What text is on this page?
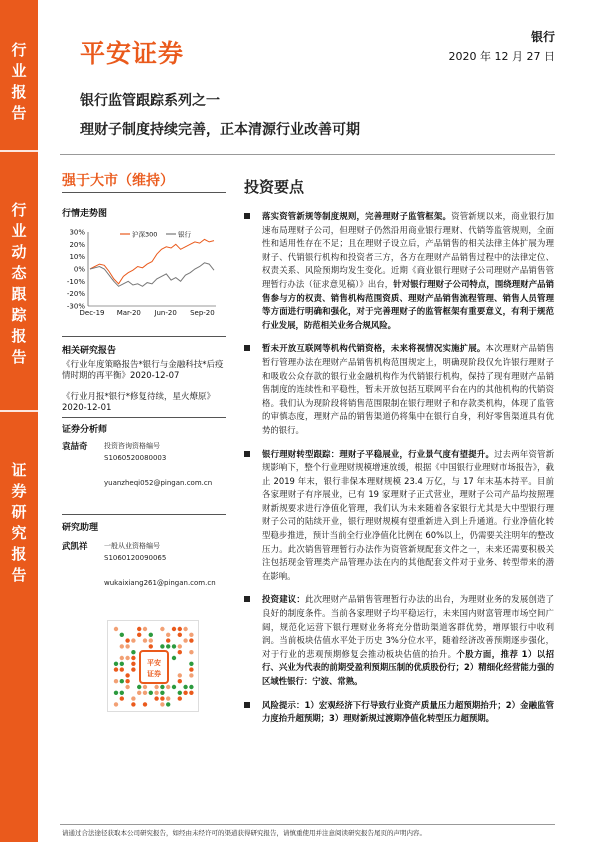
行
业
报
告
行
业
动
态
跟
踪
报
告
证
券
研
究
报
告
平安证券
银行
2020 年 12 月 27 日
银行监管跟踪系列之一
理财子制度持续完善，正本清源行业改善可期
强于大市（维持）
行情走势图
30%
20%
10%
0%
-10%
-20%
-30%
Dec-19 Mar-20 Jun-20 Sep-20
沪深300	银行
相关研究报告
《行业年度策略报告*银行与金融科技*后疫情时期的再平衡》2020-12-07
《行业月报*银行*修复待续，星火燎原》2020-12-01
证券分析师
袁喆奇 投资咨询资格编号
S1060520080003
yuanzheqi052@pingan.com.cn
研究助理
武凯祥 一般从业资格编号
S1060120090065
wukaixiang261@pingan.com.cn
平安
证券
投资要点
落实资管新规等制度规则，完善理财子监管框架。资管新规以来，商业银行加速布局理财子公司，但理财子仍然沿用商业银行理财、代销等监管规则，全面性和适用性存在不足；且在理财子设立后，产品销售的相关法律主体扩展为理财子、代销银行机构和投资者三方，各方在理财产品销售过程中的法律定位、权责关系、风险预期均发生变化。近期《商业银行理财子公司理财产品销售管理暂行办法（征求意见稿）》出台，针对银行理财子公司特点，围绕理财产品销售参与方的权责、销售机构范围资质、理财产品销售流程管理、销售人员管理等方面进行明确和强化，对于完善理财子的监管框架有重要意义，有利于规范行业发展，防范相关业务合规风险。
暂未开放互联网等机构代销资格，未来将视情况实施扩展。本次理财产品销售暂行管理办法在理财产品销售机构范围规定上，明确现阶段仅允许银行理财子和吸收公众存款的银行业金融机构作为代销银行机构，保持了现有理财产品销售制度的连续性和平稳性，暂未开放包括互联网平台在内的其他机构的代销资格。我们认为现阶段将销售范围限制在银行理财子和存款类机构，体现了监管的审慎态度，理财产品的销售渠道仍将集中在银行自身，利好零售渠道具有优势的银行。
银行理财转型跟踪：理财子平稳展业，行业景气度有望提升。过去两年资管新规影响下，整个行业理财规模增速放缓，根据《中国银行业理财市场报告》，截止 2019 年末，银行非保本理财规模 23.4 万亿，与 17 年末基本持平。目前各家理财子有序展业，已有 19 家理财子正式营业，理财子公司产品均按照理财新规要求进行净值化管理，我们认为未来随着各家银行尤其是大中型银行理财子公司的陆续开业，银行理财规模有望重新进入到上升通道。行业净值化转型稳步推进，预计当前全行业净值化比例在 60%以上，仍需要关注明年的整改压力。此次销售管理暂行办法作为资管新规配套文件之一，未来还需要积极关注包括现金管理类产品管理办法在内的其他配套文件对于业务、转型带来的潜在影响。
投资建议：此次理财产品销售管理暂行办法的出台，为理财业务的发展创造了良好的制度条件。当前各家理财子均平稳运行，未来国内财富管理市场空间广阔，规范化运营下银行理财业务将充分借助渠道客群优势，增厚银行中收利润。当前板块估值水平处于历史 3%分位水平，随着经济改善预期逐步强化，对于行业的悲观预期修复会推动板块估值的抬升。个股方面，推荐 1）以招行、兴业为代表的前期受盈利预期压制的优质股份行；2）精细化经营能力强的区域性银行：宁波、常熟。
风险提示：1）宏观经济下行导致行业资产质量压力超预期抬升；2）金融监管力度抬升超预期；3）理财新规过渡期净值化转型压力超预期。
请通过合法途径获取本公司研究报告，如经由未经许可的渠道获得研究报告，请慎重使用并注意阅读研究报告尾页的声明内容。
